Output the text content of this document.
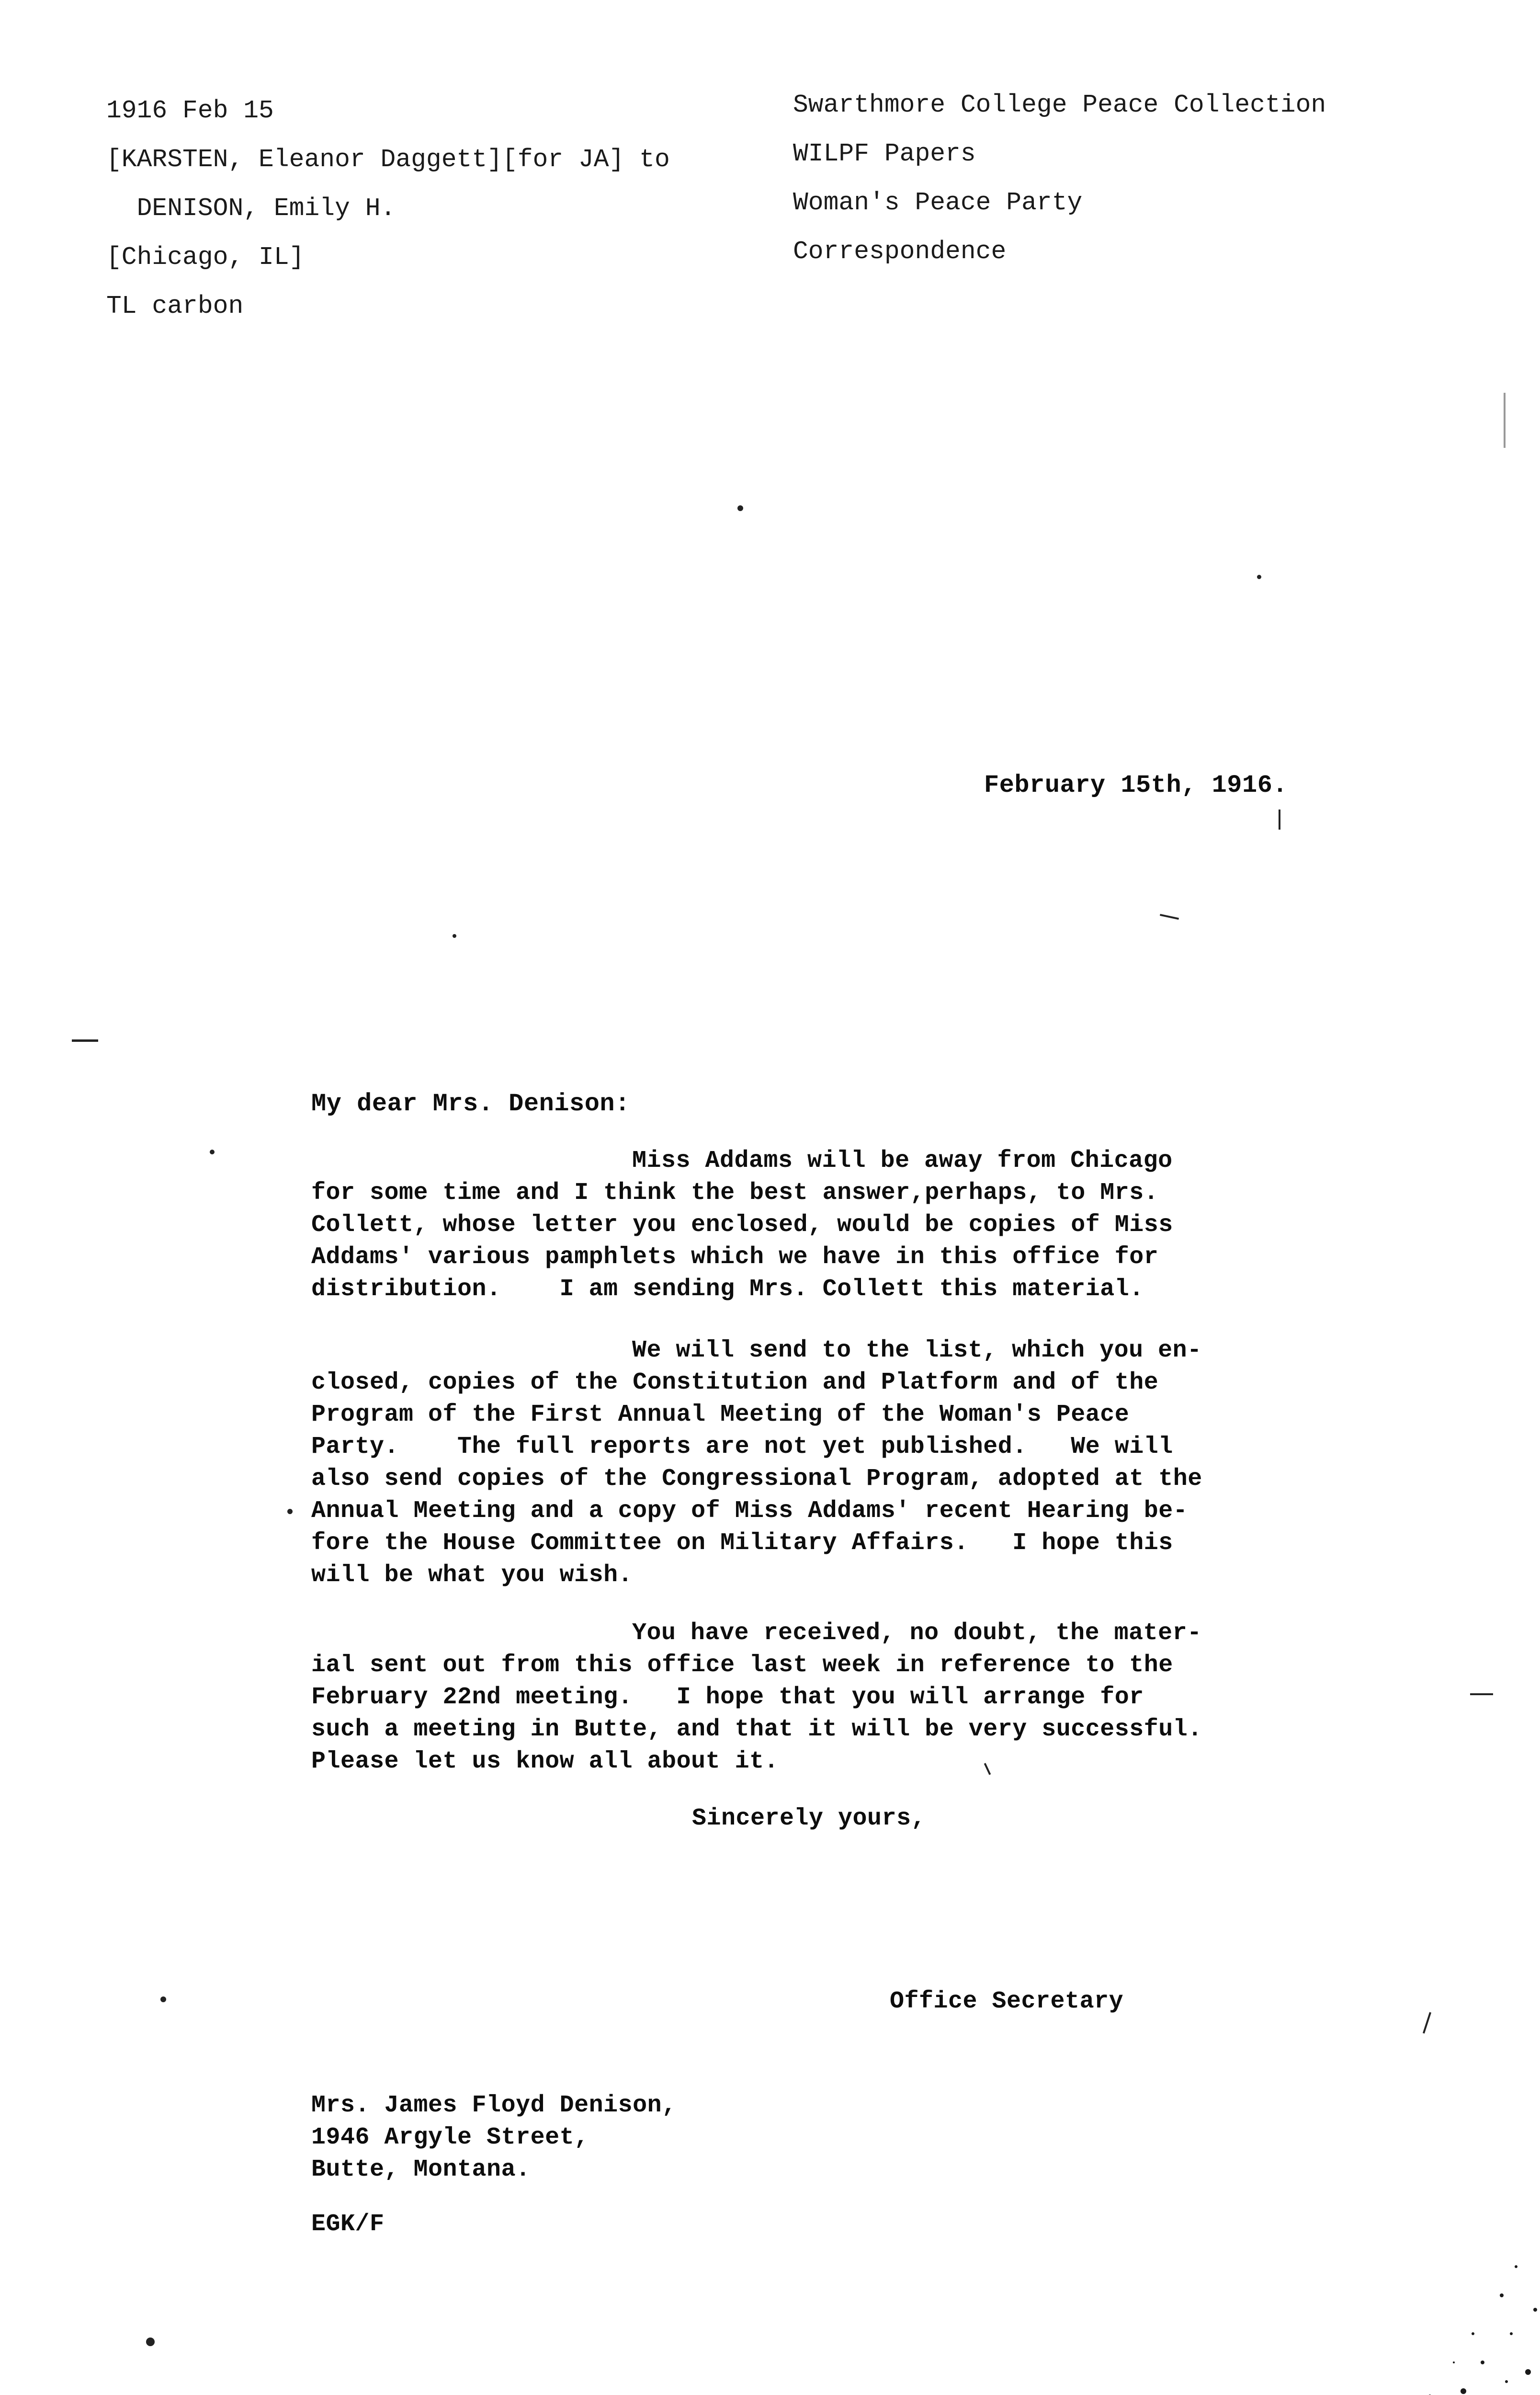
1916 Feb 15

[KARSTEN, Eleanor Daggett][for JA] to

DENISON, Emily H.

[Chicago, IL]

TL carbon

Swarthmore College Peace Collection

WILPF Papers

Woman's Peace Party

Correspondence

February 15th, 1916.
My dear Mrs. Denison:
Miss Addams will be away from Chicago
for some time and I think the best answer,perhaps, to Mrs.
Collett, whose letter you enclosed, would be copies of Miss
Addams' various pamphlets which we have in this office for
distribution.    I am sending Mrs. Collett this material.
We will send to the list, which you en-
closed, copies of the Constitution and Platform and of the
Program of the First Annual Meeting of the Woman's Peace
Party.    The full reports are not yet published.   We will
also send copies of the Congressional Program, adopted at the
Annual Meeting and a copy of Miss Addams' recent Hearing be-
fore the House Committee on Military Affairs.   I hope this
will be what you wish.
You have received, no doubt, the mater-
ial sent out from this office last week in reference to the
February 22nd meeting.   I hope that you will arrange for
such a meeting in Butte, and that it will be very successful.
Please let us know all about it.
Sincerely yours,
Office Secretary
Mrs. James Floyd Denison,
1946 Argyle Street,
Butte, Montana.
EGK/F
